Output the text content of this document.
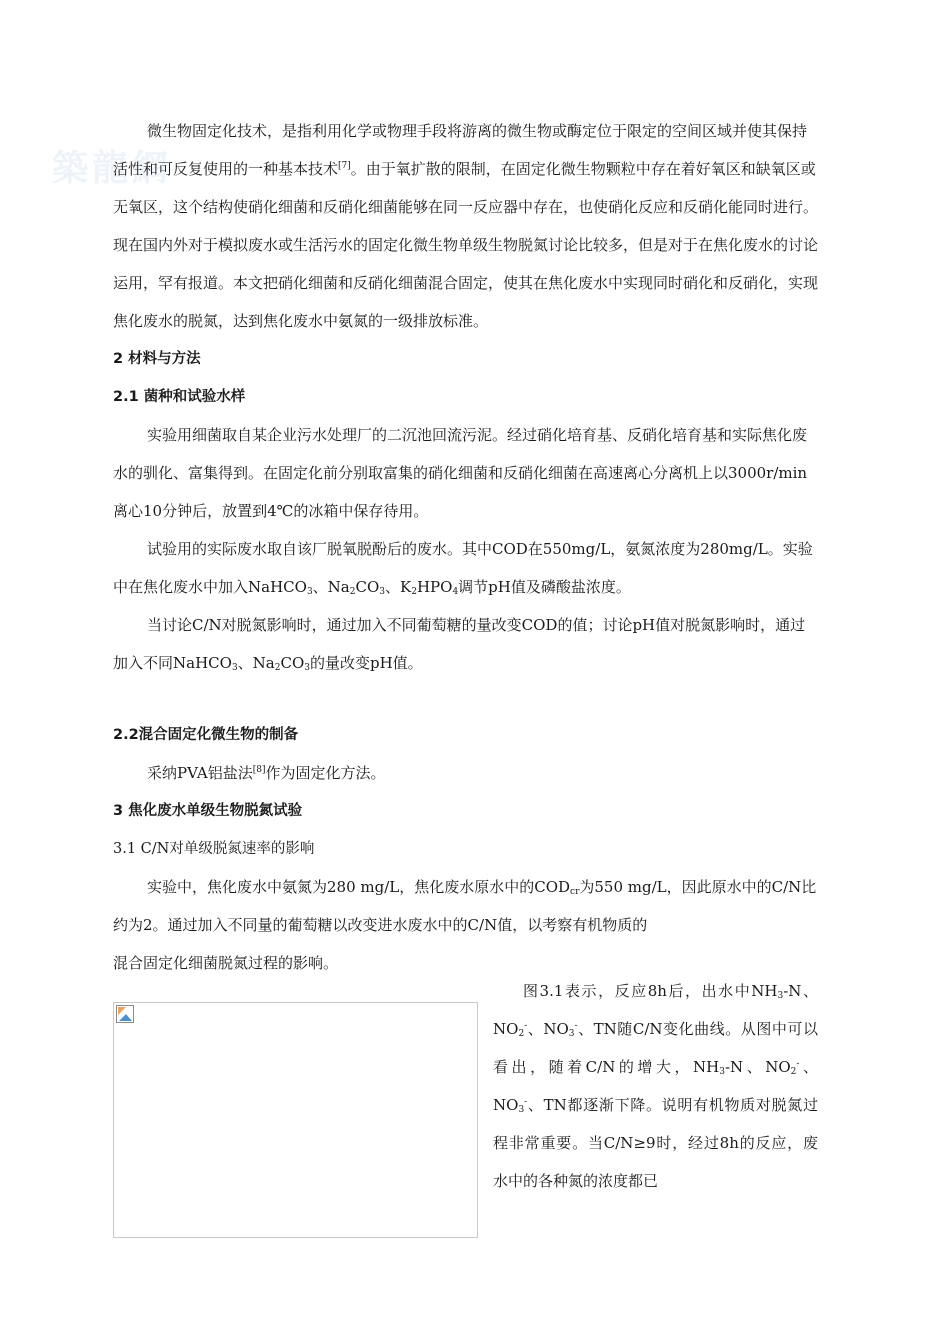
築龍網

微生物固定化技术，是指利用化学或物理手段将游离的微生物或酶定位于限定的空间区域并使其保持活性和可反复使用的一种基本技术[7]。由于氧扩散的限制，在固定化微生物颗粒中存在着好氧区和缺氧区或无氧区，这个结构使硝化细菌和反硝化细菌能够在同一反应器中存在，也使硝化反应和反硝化能同时进行。现在国内外对于模拟废水或生活污水的固定化微生物单级生物脱氮讨论比较多，但是对于在焦化废水的讨论运用，罕有报道。本文把硝化细菌和反硝化细菌混合固定，使其在焦化废水中实现同时硝化和反硝化，实现焦化废水的脱氮，达到焦化废水中氨氮的一级排放标准。

2 材料与方法
2.1 菌种和试验水样

实验用细菌取自某企业污水处理厂的二沉池回流污泥。经过硝化培育基、反硝化培育基和实际焦化废水的驯化、富集得到。在固定化前分别取富集的硝化细菌和反硝化细菌在高速离心分离机上以3000r/min离心10分钟后，放置到4℃的冰箱中保存待用。

试验用的实际废水取自该厂脱氧脱酚后的废水。其中COD在550mg/L，氨氮浓度为280mg/L。实验中在焦化废水中加入NaHCO$_3$、$Na_2CO_3$、$K_2HPO_4$调节pH值及磷酸盐浓度。

当讨论C/N对脱氮影响时，通过加入不同葡萄糖的量改变COD的值；讨论pH值对脱氮影响时，通过加入不同NaHCO$_3$、$Na_2CO_3$的量改变pH值。

2.2混合固定化微生物的制备

采纳PVA铝盐法[8]作为固定化方法。

3 焦化废水单级生物脱氮试验
3.1 C/N对单级脱氮速率的影响

实验中，焦化废水中氨氮为280 mg/L，焦化废水原水中的$COD_{cr}$为550 mg/L，因此原水中的C/N比约为2。通过加入不同量的葡萄糖以改变进水废水中的C/N值，以考察有机物质的
混合固定化细菌脱氮过程的影响。

图3.1表示，反应8h后，出水中$NH_3-N$、$NO_2^-$、$NO_3^-$、TN随C/N变化曲线。从图中可以看出，随着C/N的增大，$NH_3-N$、$NO_2^-$、$NO_3^-$、TN都逐渐下降。说明有机物质对脱氮过程非常重要。当C/N≥9时，经过8h的反应，废水中的各种氮的浓度都已
